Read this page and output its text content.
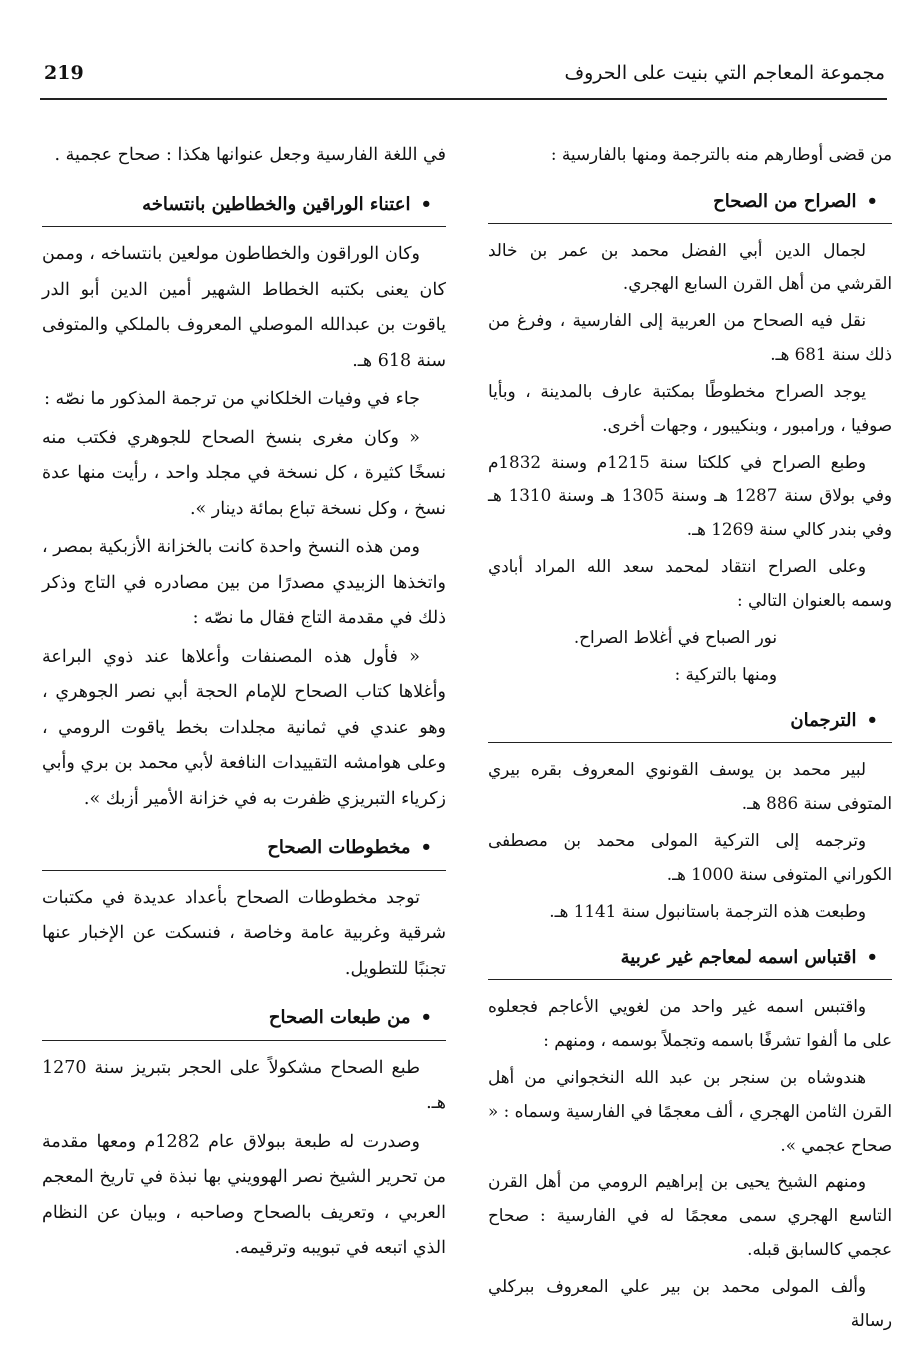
219	مجموعة المعاجم التي بنيت على الحروف

من قضى أوطارهم منه بالترجمة ومنها بالفارسية :

•الصراح من الصحاح

لجمال الدين أبي الفضل محمد بن عمر بن خالد القرشي من أهل القرن السابع الهجري.

نقل فيه الصحاح من العربية إلى الفارسية ، وفرغ من ذلك سنة 681 هـ.

يوجد الصراح مخطوطًا بمكتبة عارف بالمدينة ، وبأيا صوفيا ، ورامبور ، وبنكيبور ، وجهات أخرى.

وطبع الصراح في كلكتا سنة 1215م وسنة 1832م وفي بولاق سنة 1287 هـ وسنة 1305 هـ وسنة 1310 هـ وفي بندر كالي سنة 1269 هـ.

وعلى الصراح انتقاد لمحمد سعد الله المراد أبادي وسمه بالعنوان التالي :

نور الصباح في أغلاط الصراح.

ومنها بالتركية :

•الترجمان

لبير محمد بن يوسف القونوي المعروف بقره بيري المتوفى سنة 886 هـ.

وترجمه إلى التركية المولى محمد بن مصطفى الكوراني المتوفى سنة 1000 هـ.

وطبعت هذه الترجمة باستانبول سنة 1141 هـ.

•اقتباس اسمه لمعاجم غير عربية

واقتبس اسمه غير واحد من لغويي الأعاجم فجعلوه على ما ألفوا تشرفًا باسمه وتجملاً بوسمه ، ومنهم :

هندوشاه بن سنجر بن عبد الله النخجواني من أهل القرن الثامن الهجري ، ألف معجمًا في الفارسية وسماه : « صحاح عجمي ».

ومنهم الشيخ يحيى بن إبراهيم الرومي من أهل القرن التاسع الهجري سمى معجمًا له في الفارسية : صحاح عجمي كالسابق قبله.

وألف المولى محمد بن بير علي المعروف ببركلي رسالة

في اللغة الفارسية وجعل عنوانها هكذا : صحاح عجمية .

•اعتناء الوراقين والخطاطين بانتساخه

وكان الوراقون والخطاطون مولعين بانتساخه ، وممن كان يعنى بكتبه الخطاط الشهير أمين الدين أبو الدر ياقوت بن عبدالله الموصلي المعروف بالملكي والمتوفى سنة 618 هـ.

جاء في وفيات الخلكاني من ترجمة المذكور ما نصّه :

« وكان مغرى بنسخ الصحاح للجوهري فكتب منه نسخًا كثيرة ، كل نسخة في مجلد واحد ، رأيت منها عدة نسخ ، وكل نسخة تباع بمائة دينار ».

ومن هذه النسخ واحدة كانت بالخزانة الأزبكية بمصر ، واتخذها الزبيدي مصدرًا من بين مصادره في التاج وذكر ذلك في مقدمة التاج فقال ما نصّه :

« فأول هذه المصنفات وأعلاها عند ذوي البراعة وأغلاها كتاب الصحاح للإمام الحجة أبي نصر الجوهري ، وهو عندي في ثمانية مجلدات بخط ياقوت الرومي ، وعلى هوامشه التقييدات النافعة لأبي محمد بن بري وأبي زكرياء التبريزي ظفرت به في خزانة الأمير أزبك ».

•مخطوطات الصحاح

توجد مخطوطات الصحاح بأعداد عديدة في مكتبات شرقية وغربية عامة وخاصة ، فنسكت عن الإخبار عنها تجنبًا للتطويل.

•من طبعات الصحاح

طبع الصحاح مشكولاً على الحجر بتبريز سنة 1270 هـ.

وصدرت له طبعة ببولاق عام 1282م ومعها مقدمة من تحرير الشيخ نصر الهوويني بها نبذة في تاريخ المعجم العربي ، وتعريف بالصحاح وصاحبه ، وبيان عن النظام الذي اتبعه في تبويبه وترقيمه.
